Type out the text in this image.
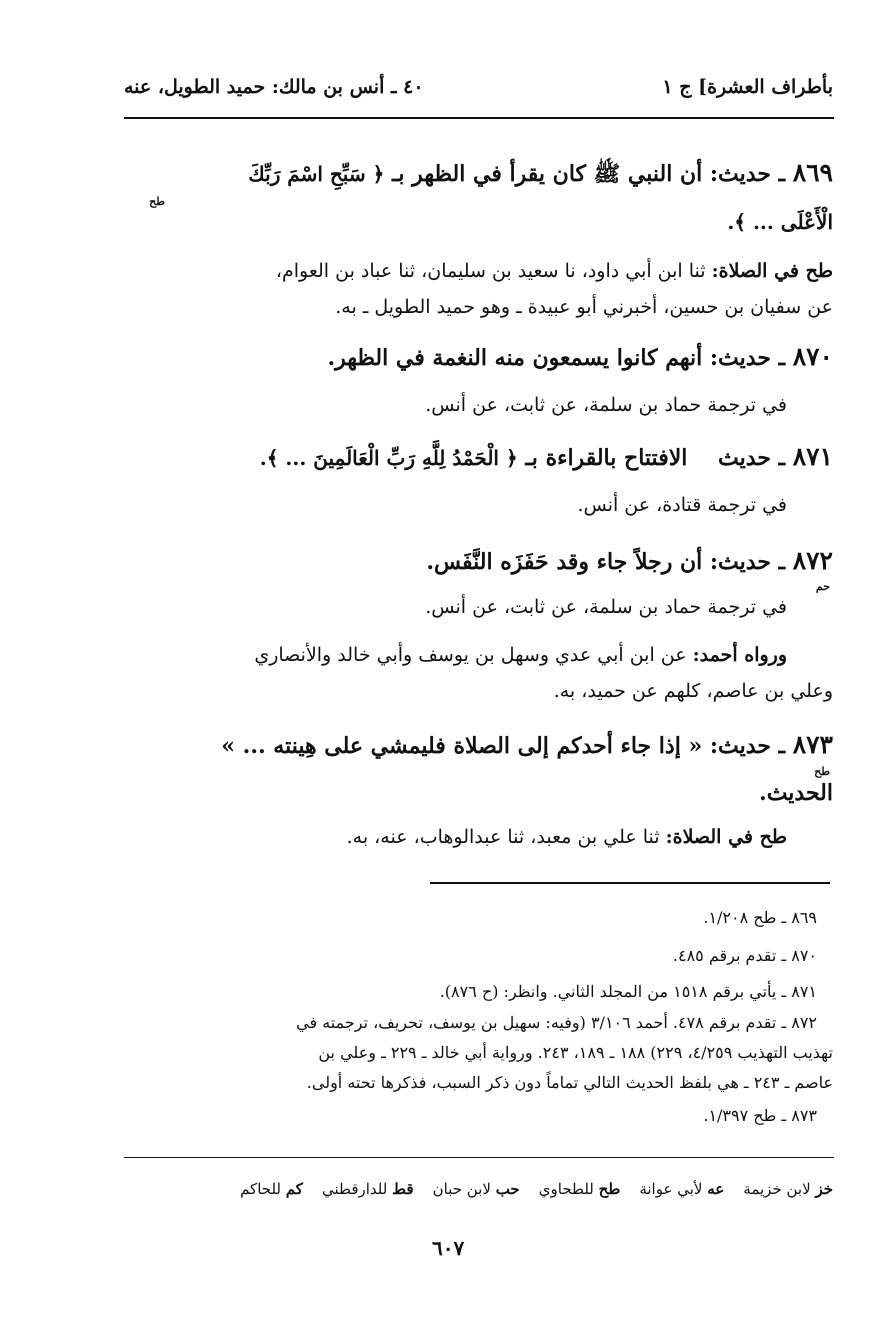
بأطراف العشرة] ج ١
٤٠ ـ أنس بن مالك: حميد الطويل، عنه
٨٦٩ ـ حديث: أن النبي ﷺ كان يقرأ في الظهر بـ ﴿ سَبِّحِ اسْمَ رَبِّكَ
طح
الْأَعْلَى ... ﴾.
طح في الصلاة: ثنا ابن أبي داود، نا سعيد بن سليمان، ثنا عباد بن العوام،
عن سفيان بن حسين، أخبرني أبو عبيدة ـ وهو حميد الطويل ـ به.
٨٧٠ ـ حديث: أنهم كانوا يسمعون منه النغمة في الظهر.
في ترجمة حماد بن سلمة، عن ثابت، عن أنس.
٨٧١ ـ حديث    الافتتاح بالقراءة بـ ﴿ الْحَمْدُ لِلَّهِ رَبِّ الْعَالَمِينَ ... ﴾.
في ترجمة قتادة، عن أنس.
٨٧٢ ـ حديث: أن رجلاً جاء وقد حَفَزَه النَّفَس.
حم
في ترجمة حماد بن سلمة، عن ثابت، عن أنس.
ورواه أحمد: عن ابن أبي عدي وسهل بن يوسف وأبي خالد والأنصاري
وعلي بن عاصم، كلهم عن حميد، به.
٨٧٣ ـ حديث: « إذا جاء أحدكم إلى الصلاة فليمشي على هِينته ... »
طح
الحديث.
طح في الصلاة: ثنا علي بن معبد، ثنا عبدالوهاب، عنه، به.
٨٦٩ ـ طح ١/٢٠٨.
٨٧٠ ـ تقدم برقم ٤٨٥.
٨٧١ ـ يأتي برقم ١٥١٨ من المجلد الثاني. وانظر: (ح ٨٧٦).
٨٧٢ ـ تقدم برقم ٤٧٨. أحمد ٣/١٠٦ (وفيه: سهيل بن يوسف، تحريف، ترجمته في
تهذيب التهذيب ٤/٢٥٩، ٢٢٩) ١٨٨ ـ ١٨٩، ٢٤٣. ورواية أبي خالد ـ ٢٢٩ ـ وعلي بن
عاصم ـ ٢٤٣ ـ هي بلفظ الحديث التالي تماماً دون ذكر السبب، فذكرها تحته أولى.
٨٧٣ ـ طح ١/٣٩٧.
خز لابن خزيمة    عه لأبي عوانة    طح للطحاوي    حب لابن حبان    قط للدارقطني    كم للحاكم
٦٠٧
